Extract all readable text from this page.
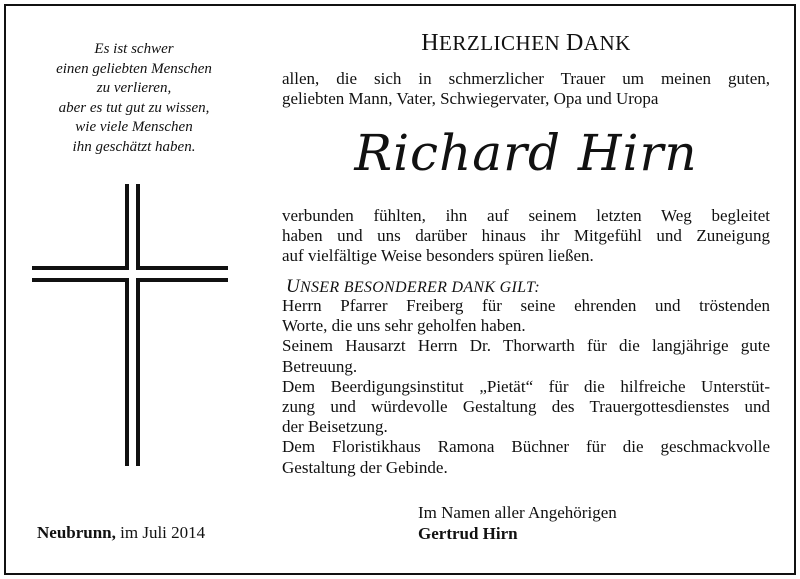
Es ist schwer
einen geliebten Menschen
zu verlieren,
aber es tut gut zu wissen,
wie viele Menschen
ihn geschätzt haben.
Neubrunn, im Juli 2014
HERZLICHEN DANK
allen, die sich in schmerzlicher Trauer um meinen guten,
geliebten Mann, Vater, Schwiegervater, Opa und Uropa
Richard Hirn
verbunden fühlten, ihn auf seinem letzten Weg begleitet
haben und uns darüber hinaus ihr Mitgefühl und Zuneigung
auf vielfältige Weise besonders spüren ließen.
UNSER BESONDERER DANK GILT:
Herrn Pfarrer Freiberg für seine ehrenden und tröstenden
Worte, die uns sehr geholfen haben.
Seinem Hausarzt Herrn Dr. Thorwarth für die langjährige gute
Betreuung.
Dem Beerdigungsinstitut „Pietät“ für die hilfreiche Unterstüt-
zung und würdevolle Gestaltung des Trauergottesdienstes und
der Beisetzung.
Dem Floristikhaus Ramona Büchner für die geschmackvolle
Gestaltung der Gebinde.
Im Namen aller Angehörigen
Gertrud Hirn
